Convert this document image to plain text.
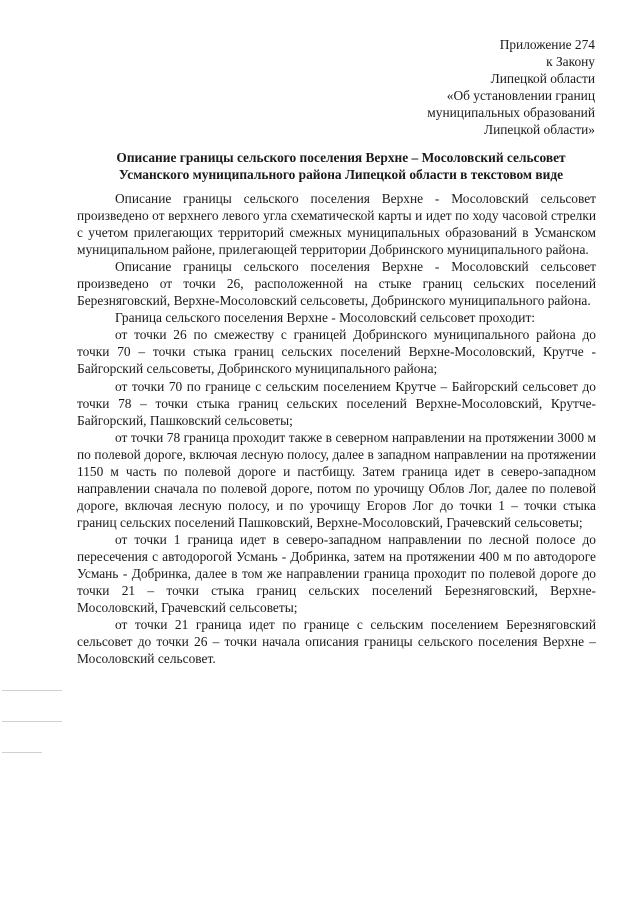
Приложение 274
к Закону
Липецкой области
«Об установлении границ
муниципальных образований
Липецкой области»
Описание границы сельского поселения Верхне – Мосоловский сельсовет
Усманского муниципального района Липецкой области в текстовом виде

Описание границы сельского поселения Верхне - Мосоловский сельсовет произведено от верхнего левого угла схематической карты и идет по ходу часовой стрелки с учетом прилегающих территорий смежных муниципальных образований в Усманском муниципальном районе, прилегающей территории Добринского муниципального района.

Описание границы сельского поселения Верхне - Мосоловский сельсовет произведено от точки 26, расположенной на стыке границ сельских поселений Березняговский, Верхне-Мосоловский сельсоветы, Добринского муниципального района.

Граница сельского поселения Верхне - Мосоловский сельсовет проходит:

от точки 26 по смежеству с границей Добринского муниципального района до точки 70 – точки стыка границ сельских поселений Верхне-Мосоловский, Крутче - Байгорский сельсоветы, Добринского муниципального района;

от точки 70 по границе с сельским поселением Крутче – Байгорский сельсовет до точки 78 – точки стыка границ сельских поселений Верхне-Мосоловский, Крутче-Байгорский, Пашковский сельсоветы;

от точки 78 граница проходит также в северном направлении на протяжении 3000 м по полевой дороге, включая лесную полосу, далее в западном направлении на протяжении 1150 м часть по полевой дороге и пастбищу. Затем граница идет в северо-западном направлении сначала по полевой дороге, потом по урочищу Облов Лог, далее по полевой дороге, включая лесную полосу, и по урочищу Егоров Лог до точки 1 – точки стыка границ сельских поселений Пашковский, Верхне-Мосоловский, Грачевский сельсоветы;

от точки 1 граница идет в северо-западном направлении по лесной полосе до пересечения с автодорогой Усмань - Добринка, затем на протяжении 400 м по автодороге Усмань - Добринка, далее в том же направлении граница проходит по полевой дороге до точки 21 – точки стыка границ сельских поселений Березняговский, Верхне-Мосоловский, Грачевский сельсоветы;

от точки 21 граница идет по границе с сельским поселением Березняговский сельсовет до точки 26 – точки начала описания границы сельского поселения Верхне – Мосоловский сельсовет.
